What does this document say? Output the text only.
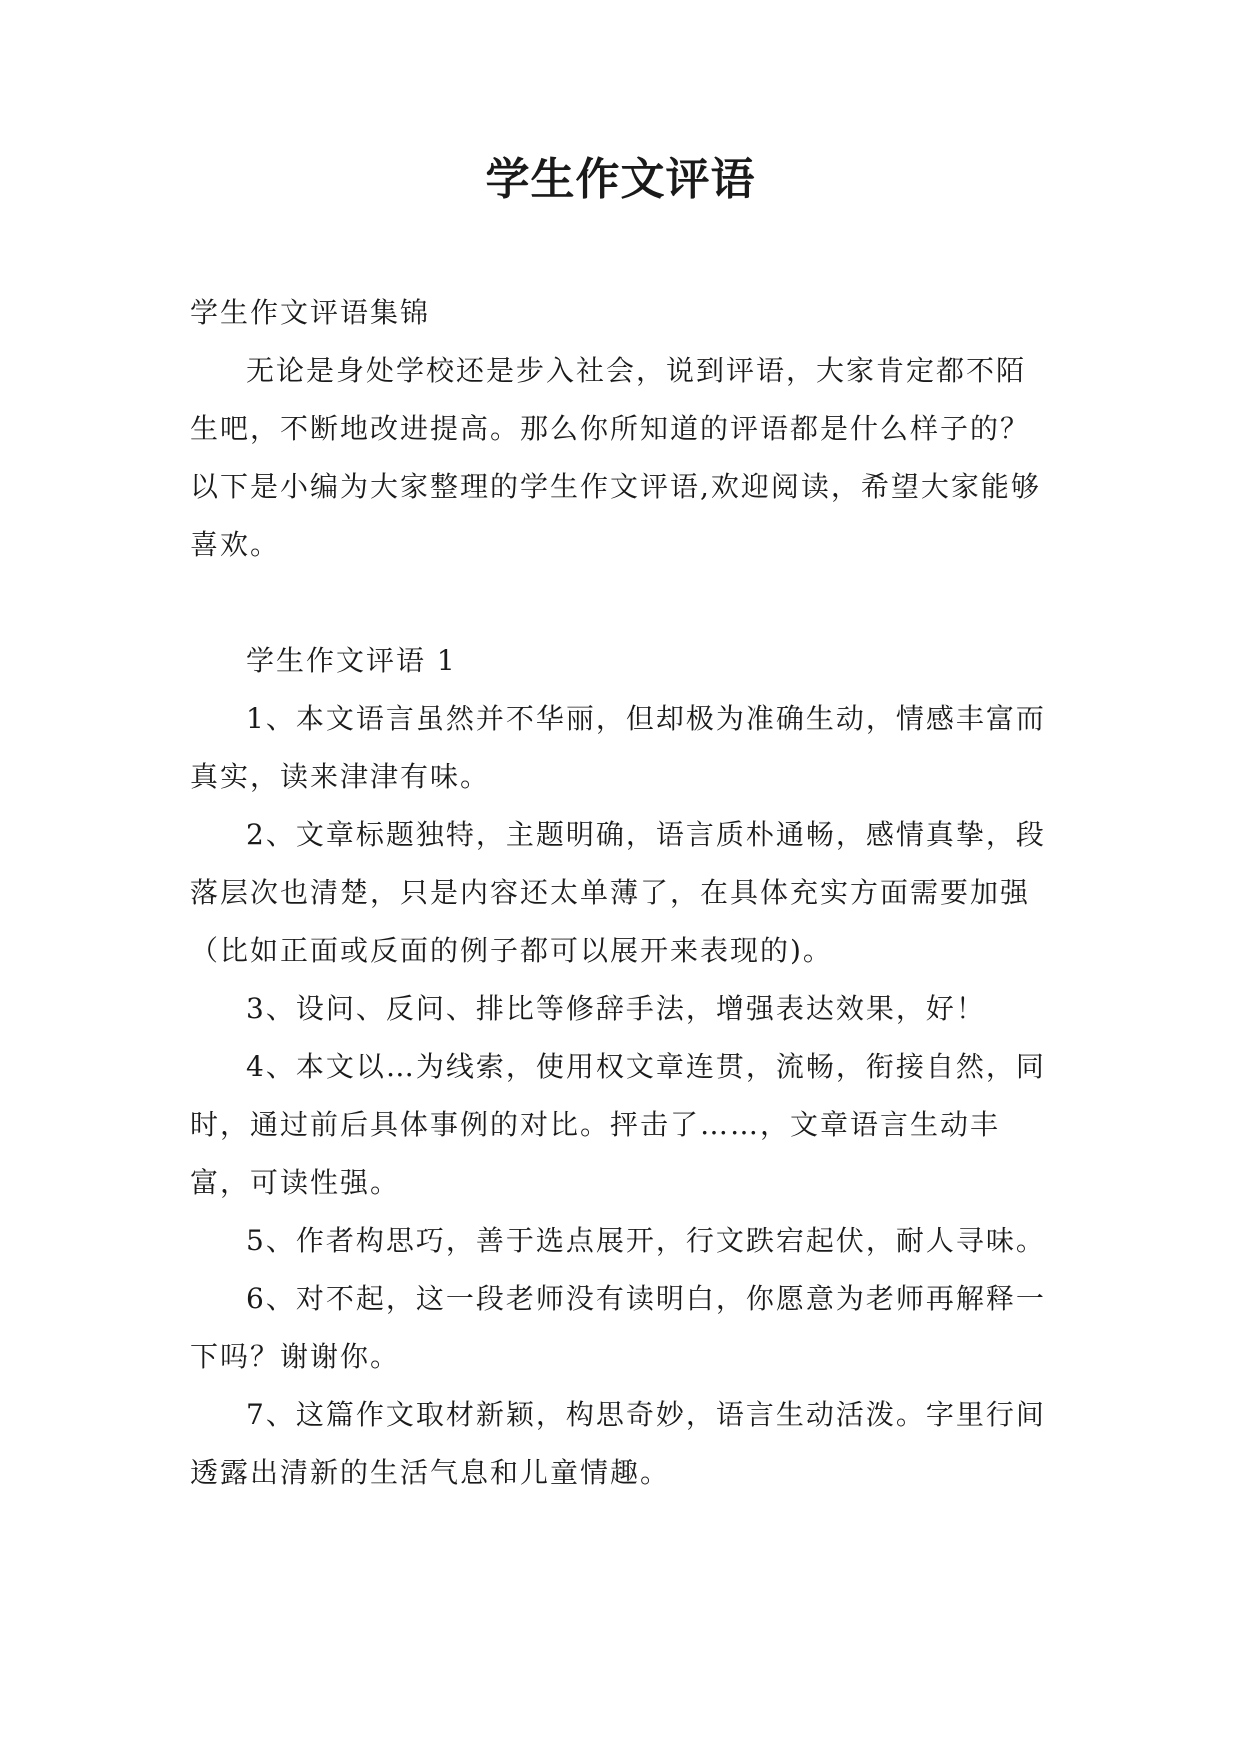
学生作文评语

学生作文评语集锦

无论是身处学校还是步入社会，说到评语，大家肯定都不陌生吧，不断地改进提高。那么你所知道的评语都是什么样子的？以下是小编为大家整理的学生作文评语,欢迎阅读，希望大家能够喜欢。

学生作文评语 1

1、本文语言虽然并不华丽，但却极为准确生动，情感丰富而真实，读来津津有味。

2、文章标题独特，主题明确，语言质朴通畅，感情真挚，段落层次也清楚，只是内容还太单薄了，在具体充实方面需要加强（比如正面或反面的例子都可以展开来表现的)。

3、设问、反问、排比等修辞手法，增强表达效果，好！

4、本文以…为线索，使用权文章连贯，流畅，衔接自然，同时，通过前后具体事例的对比。抨击了……，文章语言生动丰富，可读性强。

5、作者构思巧，善于选点展开，行文跌宕起伏，耐人寻味。

6、对不起，这一段老师没有读明白，你愿意为老师再解释一下吗？谢谢你。

7、这篇作文取材新颖，构思奇妙，语言生动活泼。字里行间透露出清新的生活气息和儿童情趣。
